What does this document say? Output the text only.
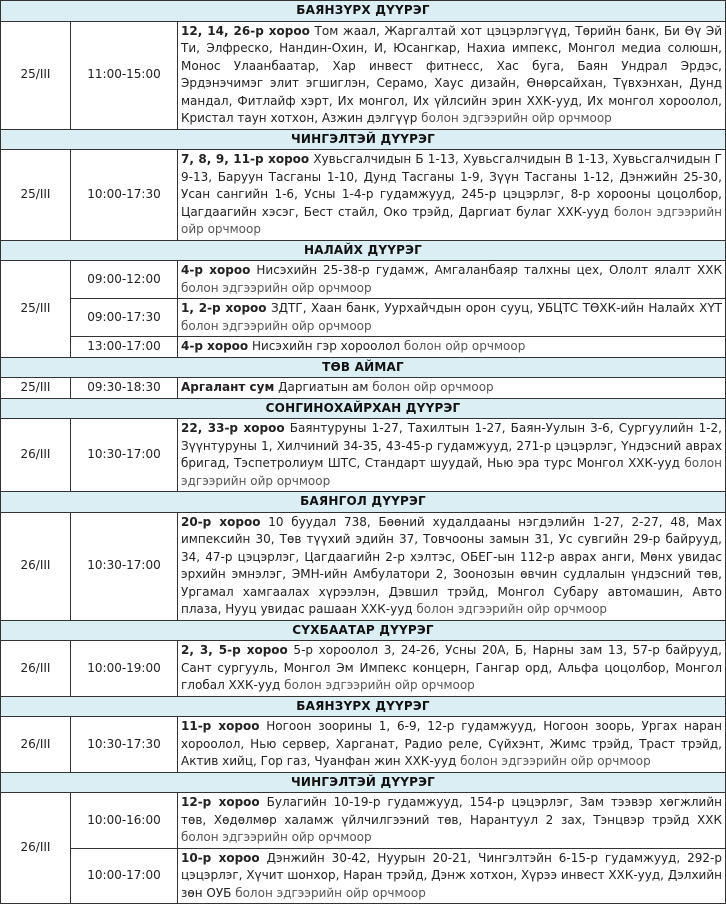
БАЯНЗҮРХ ДҮҮРЭГ		
25/III	11:00-15:00	12, 14, 26-р хороо Том жаал, Жаргалтай хот цэцэрлэгүүд, Төрийн банк, Би Өү Эй Ти, Элфреско, Нандин-Охин, И, Юсангкар, Нахиа импекс, Монгол медиа солюшн, Монос Улаанбаатар, Хар инвест фитнесс, Хас буга, Баян Ундрал Эрдэс, Эрдэнэчимэг элит эгшиглэн, Серамо, Хаус дизайн, Өнөрсайхан, Түвхэнхан, Дунд мандал, Фитлайф хэрт, Их монгол, Их үйлсийн эрин ХХК-ууд, Их монгол хороолол, Кристал таун хотхон, Азжин дэлгүүр болон эдгээрийн ойр орчмоор
ЧИНГЭЛТЭЙ ДҮҮРЭГ		
25/III	10:00-17:30	7, 8, 9, 11-р хороо Хувьсгалчидын Б 1-13, Хувьсгалчидын В 1-13, Хувьсгалчидын Г 9-13, Баруун Тасганы 1-10, Дунд Тасганы 1-9, Зүүн Тасганы 1-12, Дэнжийн 25-30, Усан сангийн 1-6, Усны 1-4-р гудамжууд, 245-р цэцэрлэг, 8-р хорооны цоцолбор, Цагдаагийн хэсэг, Бест стайл, Око трэйд, Даргиат булаг ХХК-ууд болон эдгээрийн ойр орчмоор
НАЛАЙХ ДҮҮРЭГ		
25/III	09:00-12:00	4-р хороо Нисэхийн 25-38-р гудамж, Амгаланбаяр талхны цех, Ололт ялалт ХХК болон эдгээрийн ойр орчмоор
	09:00-17:30	1, 2-р хороо ЗДТГ, Хаан банк, Уурхайчдын орон сууц, УБЦТС ТӨХК-ийн Налайх ХҮТ болон эдгээрийн ойр орчмоор
	13:00-17:00	4-р хороо Нисэхийн гэр хороолол болон ойр орчмоор
ТӨВ АЙМАГ		
25/III	09:30-18:30	Аргалант сум Даргиатын ам болон ойр орчмоор
СОНГИНОХАЙРХАН ДҮҮРЭГ		
26/III	10:30-17:00	22, 33-р хороо Баянтуруны 1-27, Тахилтын 1-27, Баян-Уулын 3-6, Сургуулийн 1-2, Зүүнтуруны 1, Хилчиний 34-35, 43-45-р гудамжууд, 271-р цэцэрлэг, Үндэсний аврах бригад, Тэспетролиум ШТС, Стандарт шуудай, Нью эра турс Монгол ХХК-ууд болон эдгээрийн ойр орчмоор
БАЯНГОЛ ДҮҮРЭГ		
26/III	10:30-17:00	20-р хороо 10 буудал 738, Бөөний худалдааны нэгдэлийн 1-27, 2-27, 48, Мах импексийн 30, Төв түүхий эдийн 37, Товчооны замын 31, Ус сувгийн 29-р байрууд, 34, 47-р цэцэрлэг, Цагдаагийн 2-р хэлтэс, ОБЕГ-ын 112-р аврах анги, Мөнх увидас эрхийн эмнэлэг, ЭМН-ийн Амбулатори 2, Зоонозын өвчин судлалын үндэсний төв, Ургамал хамгаалах хүрээлэн, Дэвшил трэйд, Монгол Субару автомашин, Авто плаза, Нууц увидас рашаан ХХК-ууд болон эдгээрийн ойр орчмоор
СҮХБААТАР ДҮҮРЭГ		
26/III	10:00-19:00	2, 3, 5-р хороо 5-р хороолол 3, 24-26, Усны 20А, Б, Нарны зам 13, 57-р байрууд, Сант сургууль, Монгол Эм Импекс концерн, Гангар орд, Альфа цоцолбор, Монгол глобал ХХК-ууд болон эдгээрийн ойр орчмоор
БАЯНЗҮРХ ДҮҮРЭГ		
26/III	10:30-17:30	11-р хороо Ногоон зоорины 1, 6-9, 12-р гудамжууд, Ногоон зоорь, Ургах наран хороолол, Нью сервер, Харганат, Радио реле, Сүйхэнт, Жимс трэйд, Траст трэйд, Актив хийц, Гор газ, Чуанфан жин ХХК-ууд болон эдгээрийн ойр орчмоор
ЧИНГЭЛТЭЙ ДҮҮРЭГ		
26/III	10:00-16:00	12-р хороо Булагийн 10-19-р гудамжууд, 154-р цэцэрлэг, Зам тээвэр хөгжлийн төв, Хөдөлмөр халамж үйлчилгээний төв, Нарантуул 2 зах, Тэнцвэр трэйд ХХК болон эдгээрийн ойр орчмоор
	10:00-17:00	10-р хороо Дэнжийн 30-42, Нуурын 20-21, Чингэлтэйн 6-15-р гудамжууд, 292-р цэцэрлэг, Хүчит шонхор, Наран трэйд, Дэнж хотхон, Хүрээ инвест ХХК-ууд, Дэлхийн зөн ОУБ болон эдгээрийн ойр орчмоор
